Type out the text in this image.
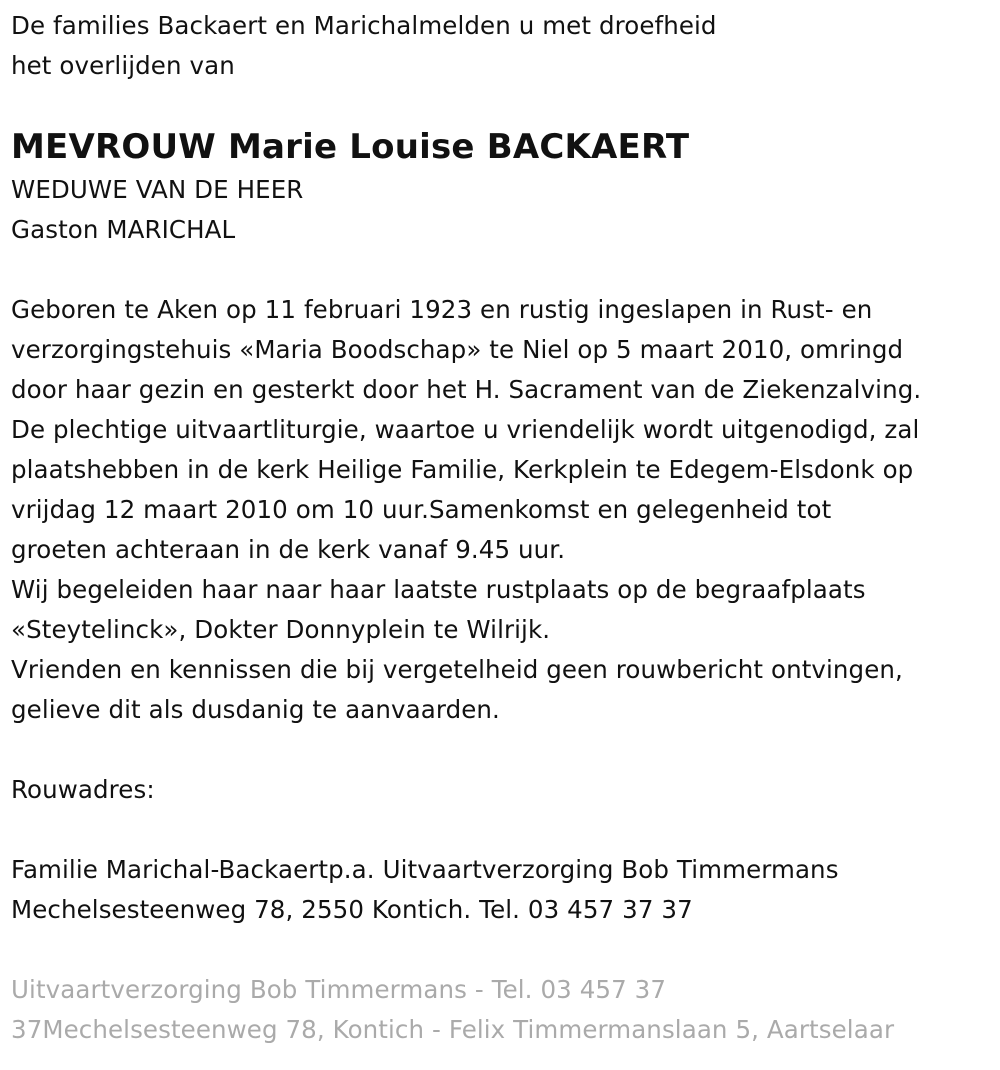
De families Backaert en Marichalmelden u met droefheid
het overlijden van
MEVROUW Marie Louise BACKAERT
WEDUWE VAN DE HEER
Gaston MARICHAL
Geboren te Aken op 11 februari 1923 en rustig ingeslapen in Rust- en
verzorgingstehuis «Maria Boodschap» te Niel op 5 maart 2010, omringd
door haar gezin en gesterkt door het H. Sacrament van de Ziekenzalving.
De plechtige uitvaartliturgie, waartoe u vriendelijk wordt uitgenodigd, zal
plaatshebben in de kerk Heilige Familie, Kerkplein te Edegem-Elsdonk op
vrijdag 12 maart 2010 om 10 uur.Samenkomst en gelegenheid tot
groeten achteraan in de kerk vanaf 9.45 uur.
Wij begeleiden haar naar haar laatste rustplaats op de begraafplaats
«Steytelinck», Dokter Donnyplein te Wilrijk.
Vrienden en kennissen die bij vergetelheid geen rouwbericht ontvingen,
gelieve dit als dusdanig te aanvaarden.
Rouwadres:
Familie Marichal-Backaertp.a. Uitvaartverzorging Bob Timmermans
Mechelsesteenweg 78, 2550 Kontich. Tel. 03 457 37 37
Uitvaartverzorging Bob Timmermans - Tel. 03 457 37
37Mechelsesteenweg 78, Kontich - Felix Timmermanslaan 5, Aartselaar
